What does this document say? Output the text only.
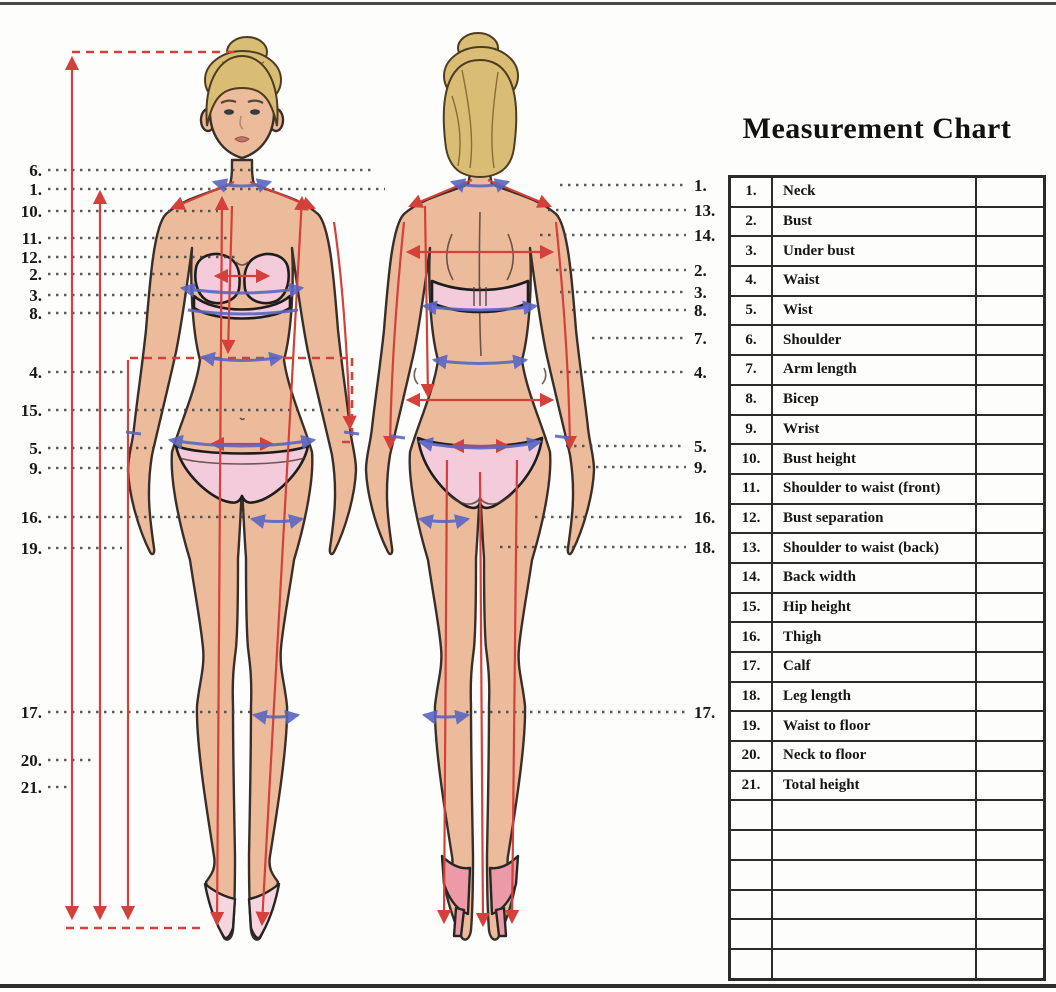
6.
1.
10.
11.
12.
2.
3.
8.
4.
15.
5.
9.
16.
19.
17.
20.
21.
1.
13.
14.
2.
3.
8.
7.
4.
5.
9.
16.
18.
17.
Measurement Chart
1.	Neck	
2.	Bust	
3.	Under bust	
4.	Waist	
5.	Wist	
6.	Shoulder	
7.	Arm length	
8.	Bicep	
9.	Wrist	
10.	Bust height	
11.	Shoulder to waist (front)	
12.	Bust separation	
13.	Shoulder to waist (back)	
14.	Back width	
15.	Hip height	
16.	Thigh	
17.	Calf	
18.	Leg length	
19.	Waist to floor	
20.	Neck to floor	
21.	Total height	
